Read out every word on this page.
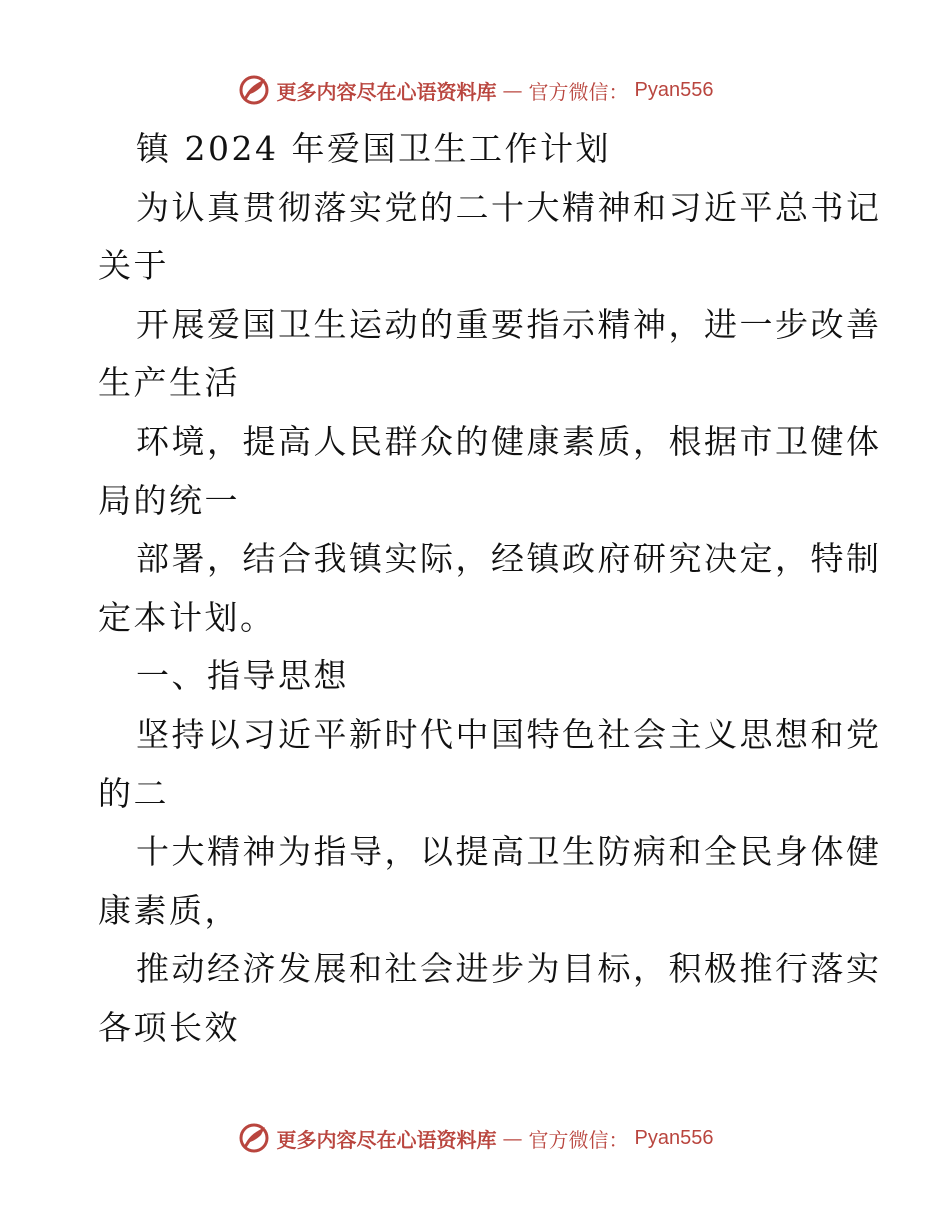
更多内容尽在心语资料库 — 官方微信： Pyan556

镇 2024 年爱国卫生工作计划

为认真贯彻落实党的二十大精神和习近平总书记

关于

开展爱国卫生运动的重要指示精神，进一步改善

生产生活

环境，提高人民群众的健康素质，根据市卫健体

局的统一

部署，结合我镇实际，经镇政府研究决定，特制

定本计划。

一、指导思想

坚持以习近平新时代中国特色社会主义思想和党

的二

十大精神为指导，以提高卫生防病和全民身体健

康素质，

推动经济发展和社会进步为目标，积极推行落实

各项长效

更多内容尽在心语资料库 — 官方微信： Pyan556
